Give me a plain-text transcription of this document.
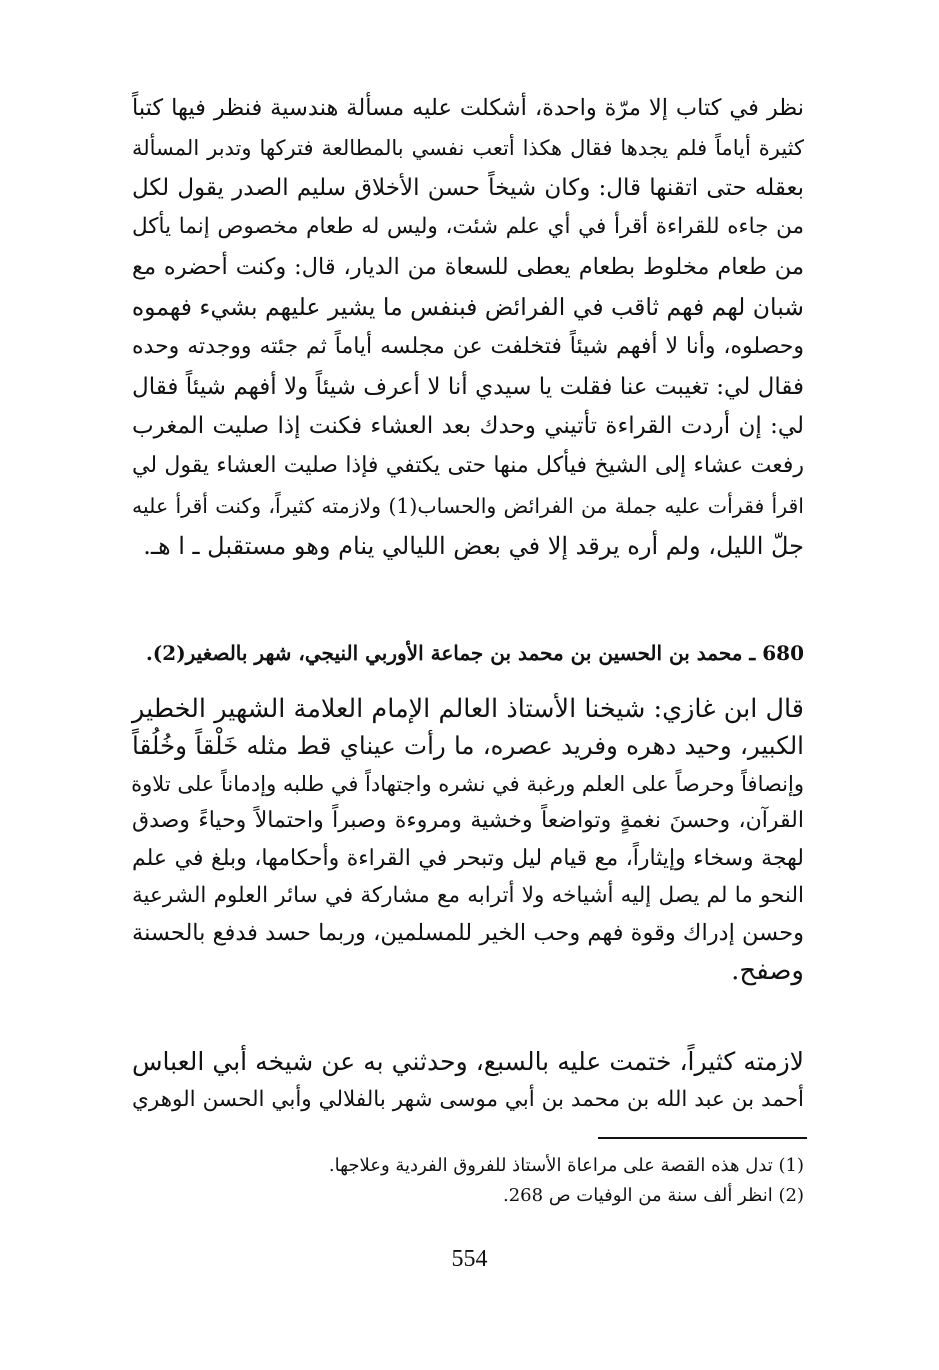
نظر في كتاب إلا مرّة واحدة، أشكلت عليه مسألة هندسية فنظر فيها كتباً
كثيرة أياماً فلم يجدها فقال هكذا أتعب نفسي بالمطالعة فتركها وتدبر المسألة
بعقله حتى اتقنها قال: وكان شيخاً حسن الأخلاق سليم الصدر يقول لكل
من جاءه للقراءة أقرأ في أي علم شئت، وليس له طعام مخصوص إنما يأكل
من طعام مخلوط بطعام يعطى للسعاة من الديار، قال: وكنت أحضره مع
شبان لهم فهم ثاقب في الفرائض فبنفس ما يشير عليهم بشيء فهموه
وحصلوه، وأنا لا أفهم شيئاً فتخلفت عن مجلسه أياماً ثم جئته ووجدته وحده
فقال لي: تغيبت عنا فقلت يا سيدي أنا لا أعرف شيئاً ولا أفهم شيئاً فقال
لي: إن أردت القراءة تأتيني وحدك بعد العشاء فكنت إذا صليت المغرب
رفعت عشاء إلى الشيخ فيأكل منها حتى يكتفي فإذا صليت العشاء يقول لي
اقرأ فقرأت عليه جملة من الفرائض والحساب(1) ولازمته كثيراً، وكنت أقرأ عليه
جلّ الليل، ولم أره يرقد إلا في بعض الليالي ينام وهو مستقبل ـ ا هـ.
680 ـ محمد بن الحسين بن محمد بن جماعة الأوربي النيجي، شهر بالصغير(2).
قال ابن غازي: شيخنا الأستاذ العالم الإمام العلامة الشهير الخطير
الكبير، وحيد دهره وفريد عصره، ما رأت عيناي قط مثله خَلْقاً وخُلُقاً
وإنصافاً وحرصاً على العلم ورغبة في نشره واجتهاداً في طلبه وإدماناً على تلاوة
القرآن، وحسنَ نغمةٍ وتواضعاً وخشية ومروءة وصبراً واحتمالاً وحياءً وصدق
لهجة وسخاء وإيثاراً، مع قيام ليل وتبحر في القراءة وأحكامها، وبلغ في علم
النحو ما لم يصل إليه أشياخه ولا أترابه مع مشاركة في سائر العلوم الشرعية
وحسن إدراك وقوة فهم وحب الخير للمسلمين، وربما حسد فدفع بالحسنة
وصفح.
لازمته كثيراً، ختمت عليه بالسبع، وحدثني به عن شيخه أبي العباس
أحمد بن عبد الله بن محمد بن أبي موسى شهر بالفلالي وأبي الحسن الوهري
(1) تدل هذه القصة على مراعاة الأستاذ للفروق الفردية وعلاجها.
(2) انظر ألف سنة من الوفيات ص 268.
554
